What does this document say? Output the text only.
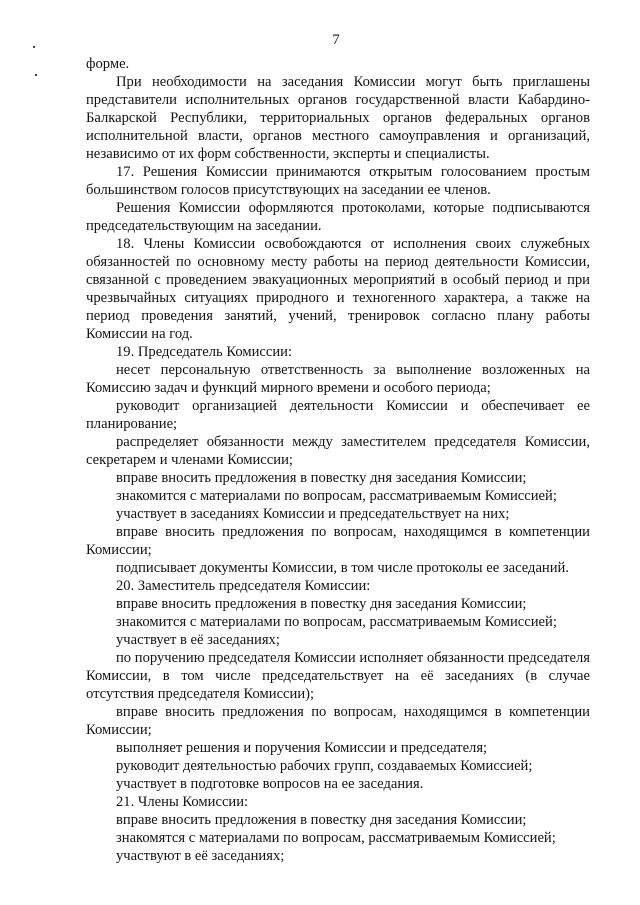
7

форме.

При необходимости на заседания Комиссии могут быть приглашены представители исполнительных органов государственной власти Кабардино-Балкарской Республики, территориальных органов федеральных органов исполнительной власти, органов местного самоуправления и организаций, независимо от их форм собственности, эксперты и специалисты.

17. Решения Комиссии принимаются открытым голосованием простым большинством голосов присутствующих на заседании ее членов.

Решения Комиссии оформляются протоколами, которые подписываются председательствующим на заседании.

18. Члены Комиссии освобождаются от исполнения своих служебных обязанностей по основному месту работы на период деятельности Комиссии, связанной с проведением эвакуационных мероприятий в особый период и при чрезвычайных ситуациях природного и техногенного характера, а также на период проведения занятий, учений, тренировок согласно плану работы Комиссии на год.

19. Председатель Комиссии:

несет персональную ответственность за выполнение возложенных на Комиссию задач и функций мирного времени и особого периода;

руководит организацией деятельности Комиссии и обеспечивает ее планирование;

распределяет обязанности между заместителем председателя Комиссии, секретарем и членами Комиссии;

вправе вносить предложения в повестку дня заседания Комиссии;

знакомится с материалами по вопросам, рассматриваемым Комиссией;

участвует в заседаниях Комиссии и председательствует на них;

вправе вносить предложения по вопросам, находящимся в компетенции Комиссии;

подписывает документы Комиссии, в том числе протоколы ее заседаний.

20. Заместитель председателя Комиссии:

вправе вносить предложения в повестку дня заседания Комиссии;

знакомится с материалами по вопросам, рассматриваемым Комиссией;

участвует в её заседаниях;

по поручению председателя Комиссии исполняет обязанности председателя Комиссии, в том числе председательствует на её заседаниях (в случае отсутствия председателя Комиссии);

вправе вносить предложения по вопросам, находящимся в компетенции Комиссии;

выполняет решения и поручения Комиссии и председателя;

руководит деятельностью рабочих групп, создаваемых Комиссией;

участвует в подготовке вопросов на ее заседания.

21. Члены Комиссии:

вправе вносить предложения в повестку дня заседания Комиссии;

знакомятся с материалами по вопросам, рассматриваемым Комиссией;

участвуют в её заседаниях;
